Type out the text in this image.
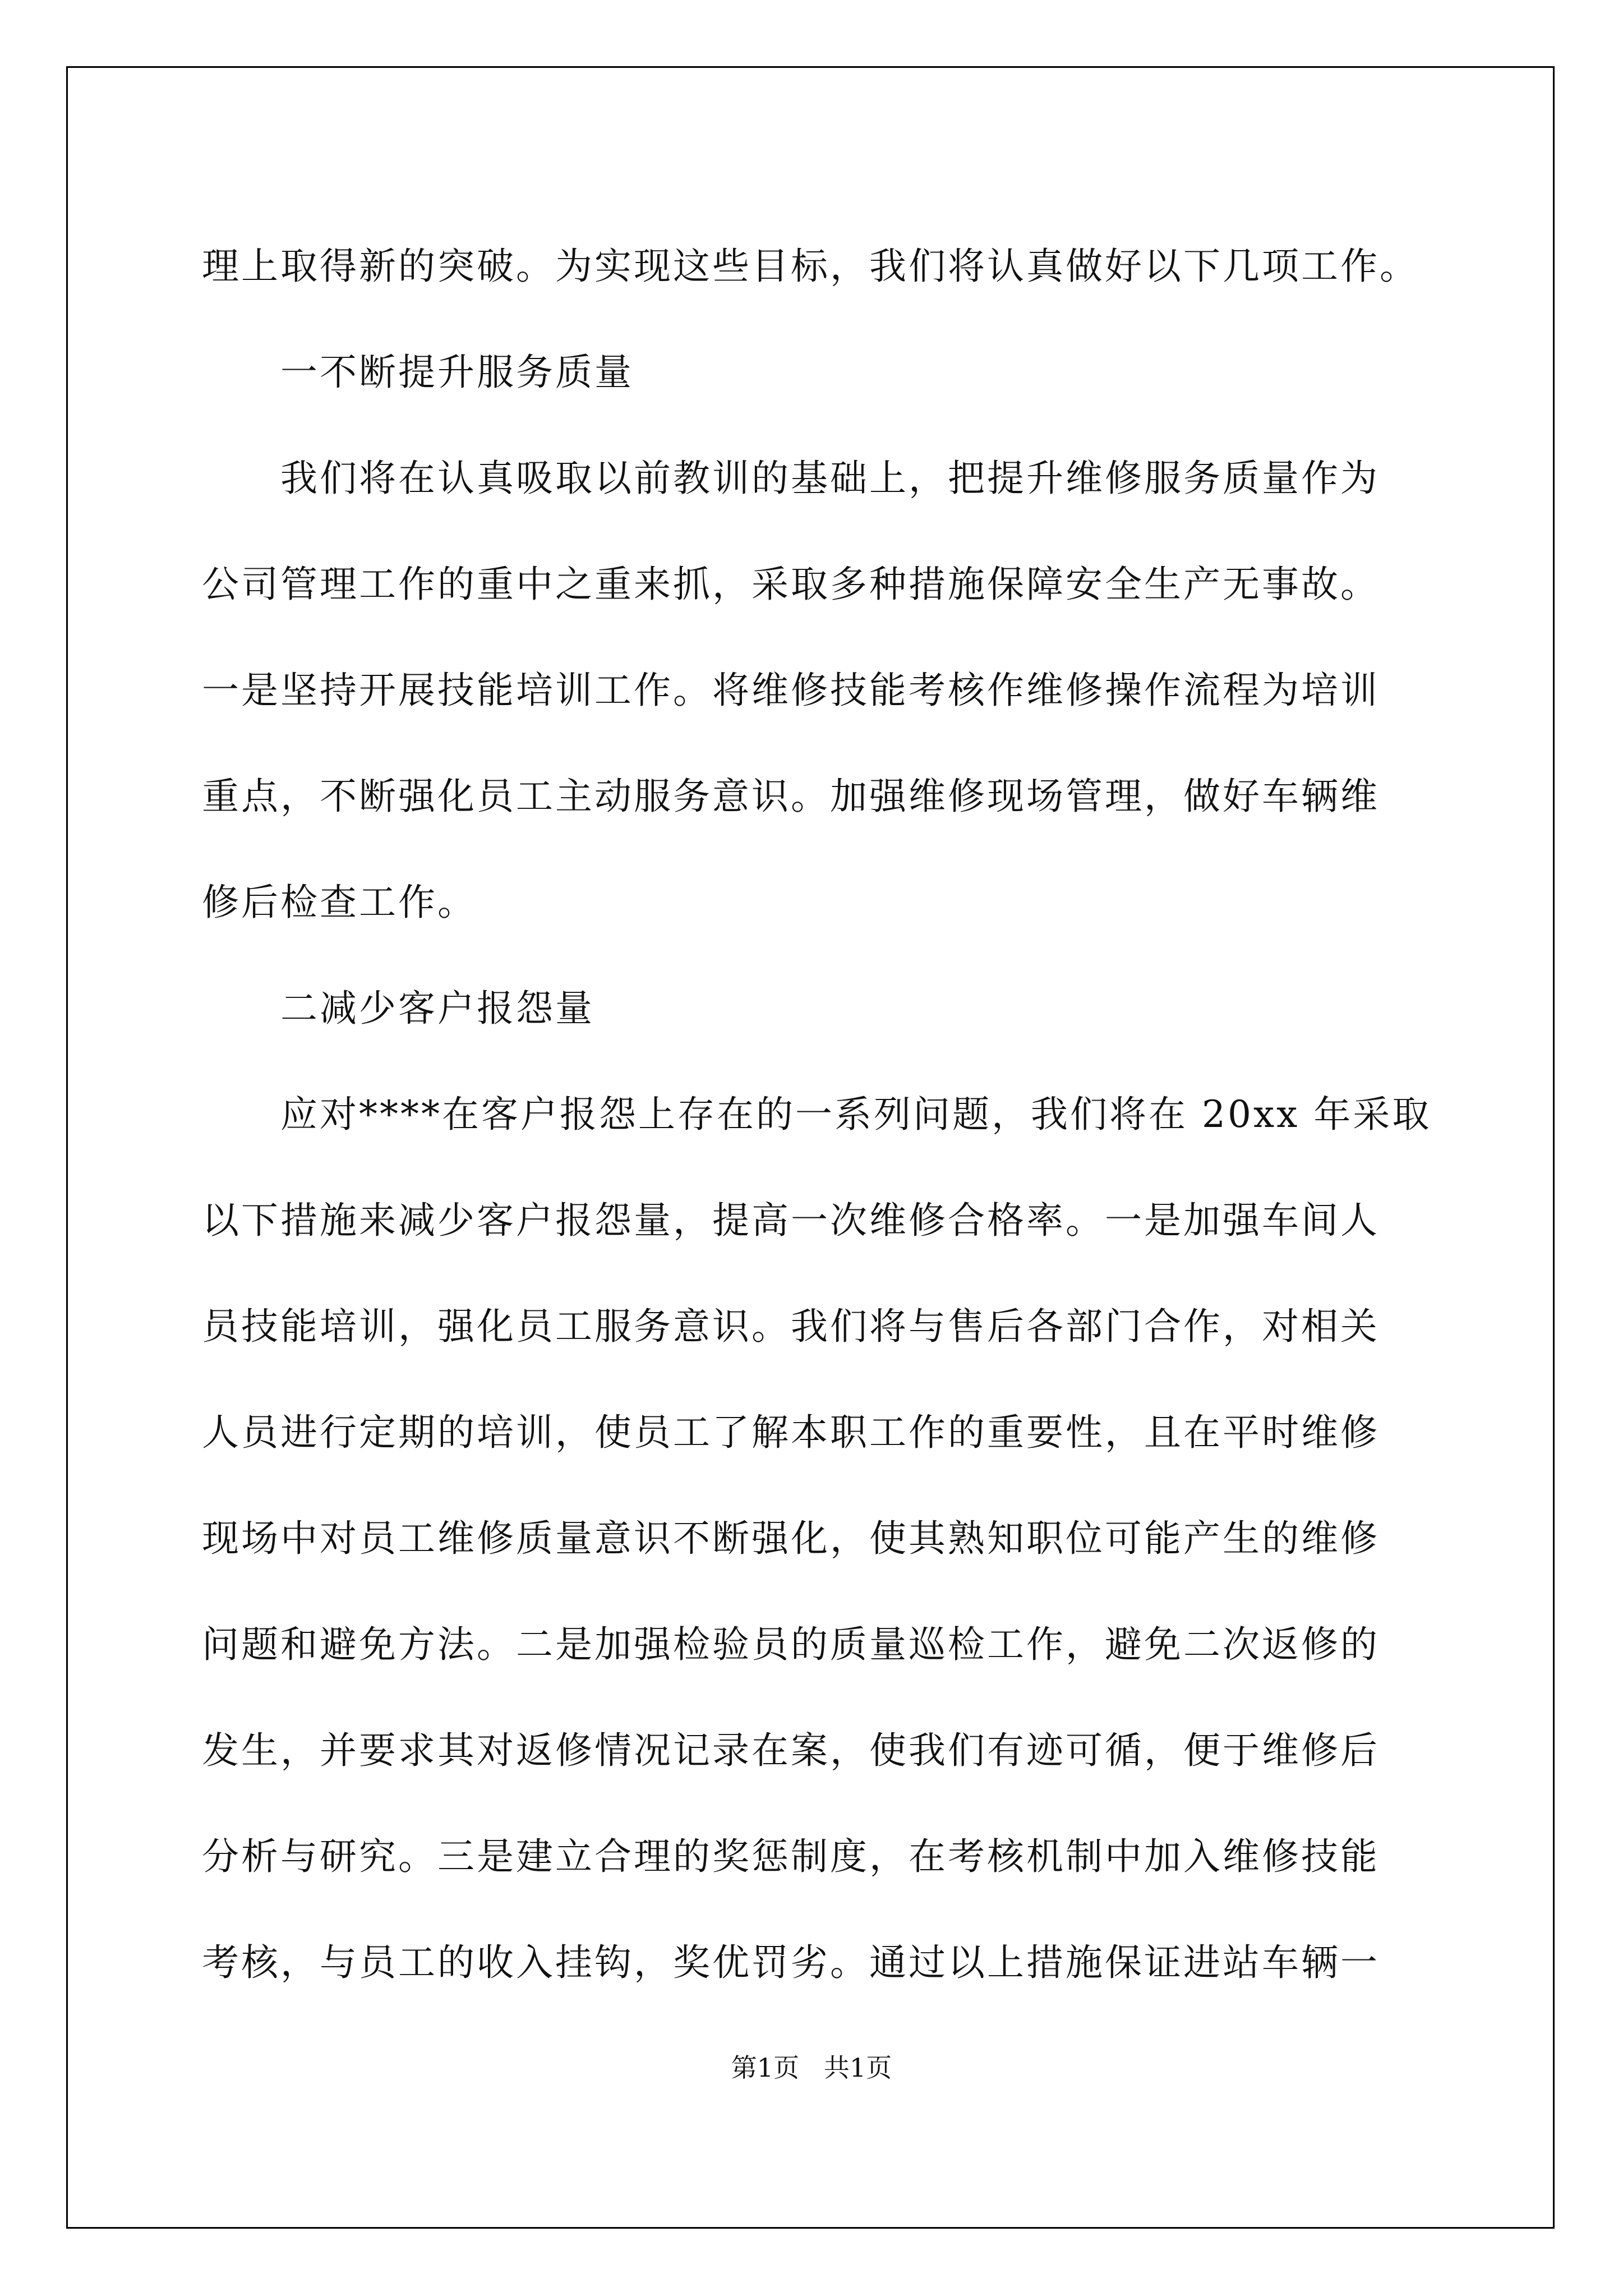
理上取得新的突破。为实现这些目标，我们将认真做好以下几项工作。
一不断提升服务质量
我们将在认真吸取以前教训的基础上，把提升维修服务质量作为
公司管理工作的重中之重来抓，采取多种措施保障安全生产无事故。
一是坚持开展技能培训工作。将维修技能考核作维修操作流程为培训
重点，不断强化员工主动服务意识。加强维修现场管理，做好车辆维
修后检查工作。
二减少客户报怨量
应对****在客户报怨上存在的一系列问题，我们将在 20xx 年采取
以下措施来减少客户报怨量，提高一次维修合格率。一是加强车间人
员技能培训，强化员工服务意识。我们将与售后各部门合作，对相关
人员进行定期的培训，使员工了解本职工作的重要性，且在平时维修
现场中对员工维修质量意识不断强化，使其熟知职位可能产生的维修
问题和避免方法。二是加强检验员的质量巡检工作，避免二次返修的
发生，并要求其对返修情况记录在案，使我们有迹可循，便于维修后
分析与研究。三是建立合理的奖惩制度，在考核机制中加入维修技能
考核，与员工的收入挂钩，奖优罚劣。通过以上措施保证进站车辆一
第1页   共1页
